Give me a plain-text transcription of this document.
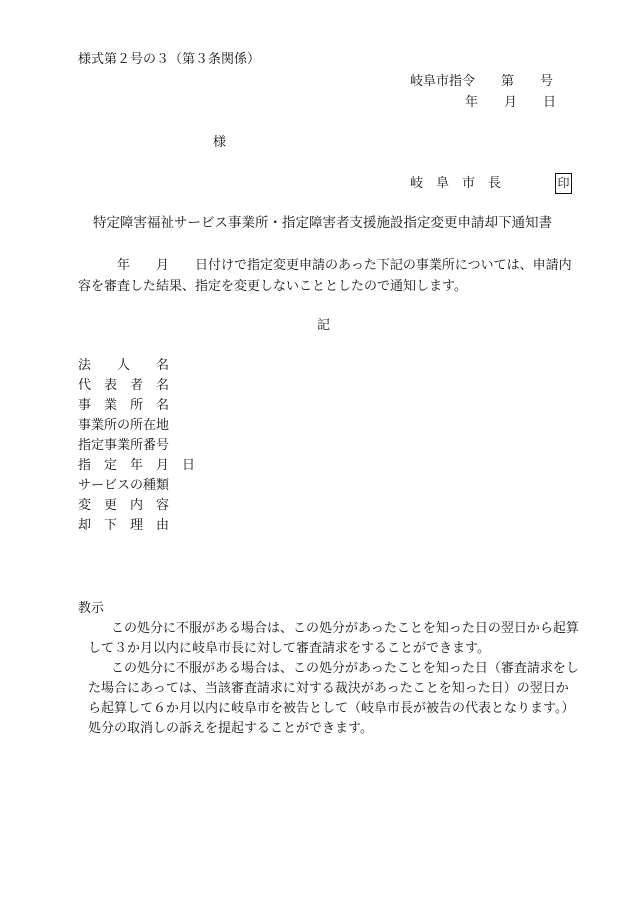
様式第２号の３（第３条関係）
岐阜市指令　　第　　号
年　　月　　日
様
岐　阜　市　長	印
特定障害福祉サービス事業所・指定障害者支援施設指定変更申請却下通知書
　　　年　　月　　日付けで指定変更申請のあった下記の事業所については、申請内容を審査した結果、指定を変更しないこととしたので通知します。
記
法　　人　　名
代　表　者　名
事　業　所　名
事業所の所在地
指定事業所番号
指　定　年　月　日
サービスの種類
変　更　内　容
却　下　理　由
教示
この処分に不服がある場合は、この処分があったことを知った日の翌日から起算して３か月以内に岐阜市長に対して審査請求をすることができます。
この処分に不服がある場合は、この処分があったことを知った日（審査請求をした場合にあっては、当該審査請求に対する裁決があったことを知った日）の翌日から起算して６か月以内に岐阜市を被告として（岐阜市長が被告の代表となります。）処分の取消しの訴えを提起することができます。
